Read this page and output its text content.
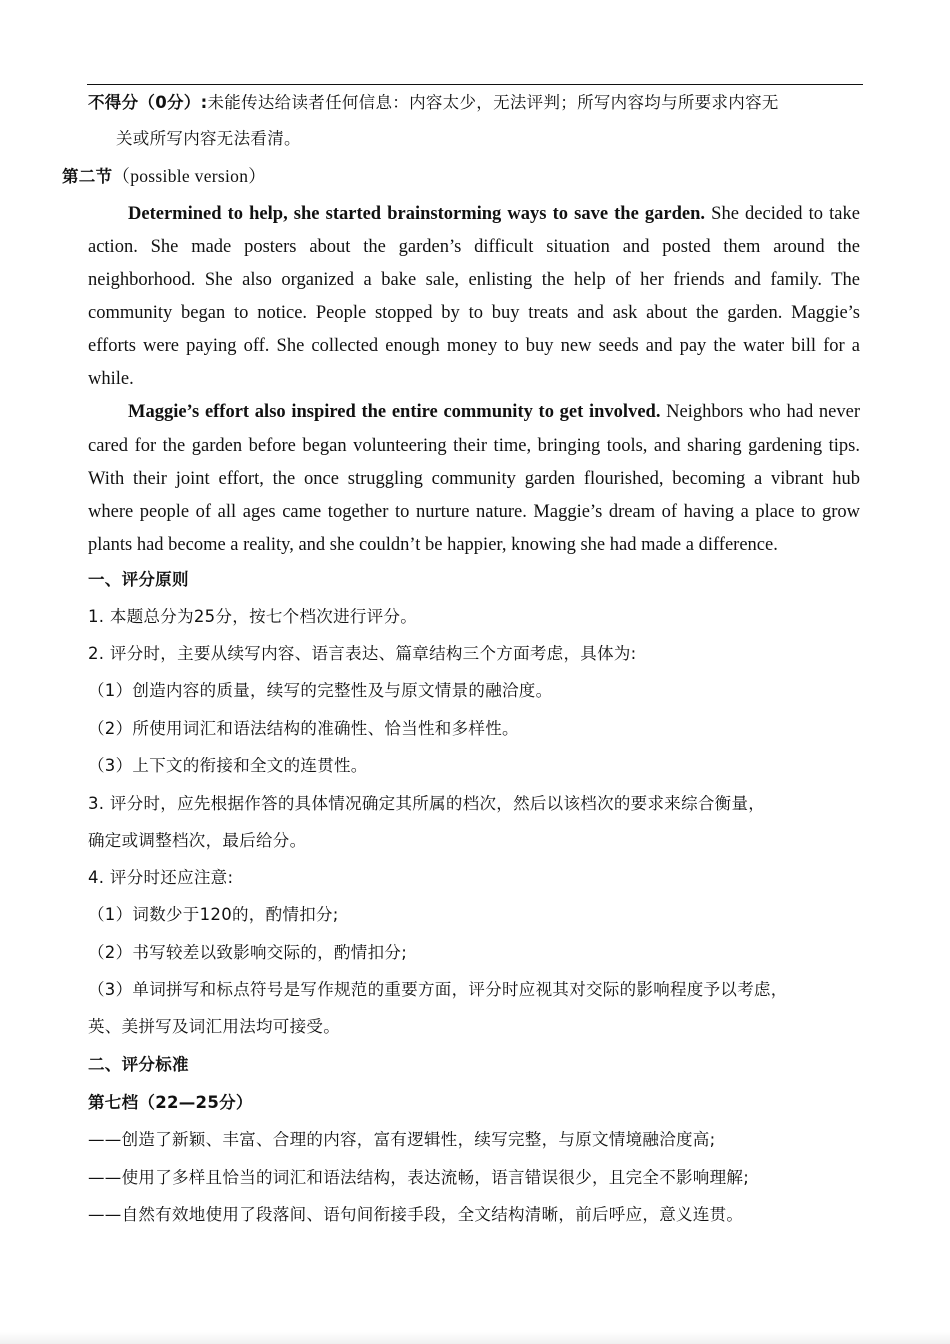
不得分（0分）:未能传达给读者任何信息：内容太少，无法评判；所写内容均与所要求内容无
关或所写内容无法看清。
第二节（possible version）
Determined to help, she started brainstorming ways to save the garden. She decided to take
action. She made posters about the garden’s difficult situation and posted them around the
neighborhood. She also organized a bake sale, enlisting the help of her friends and family. The
community began to notice. People stopped by to buy treats and ask about the garden. Maggie’s
efforts were paying off. She collected enough money to buy new seeds and pay the water bill for a
while.
Maggie’s effort also inspired the entire community to get involved. Neighbors who had never
cared for the garden before began volunteering their time, bringing tools, and sharing gardening tips.
With their joint effort, the once struggling community garden flourished, becoming a vibrant hub
where people of all ages came together to nurture nature. Maggie’s dream of having a place to grow
plants had become a reality, and she couldn’t be happier, knowing she had made a difference.
一、评分原则
1. 本题总分为25分，按七个档次进行评分。
2. 评分时，主要从续写内容、语言表达、篇章结构三个方面考虑，具体为:
（1）创造内容的质量，续写的完整性及与原文情景的融洽度。
（2）所使用词汇和语法结构的准确性、恰当性和多样性。
（3）上下文的衔接和全文的连贯性。
3. 评分时，应先根据作答的具体情况确定其所属的档次，然后以该档次的要求来综合衡量，
确定或调整档次，最后给分。
4. 评分时还应注意:
（1）词数少于120的，酌情扣分;
（2）书写较差以致影响交际的，酌情扣分;
（3）单词拼写和标点符号是写作规范的重要方面，评分时应视其对交际的影响程度予以考虑，
英、美拼写及词汇用法均可接受。
二、评分标准
第七档（22—25分）
——创造了新颖、丰富、合理的内容，富有逻辑性，续写完整，与原文情境融洽度高;
——使用了多样且恰当的词汇和语法结构，表达流畅，语言错误很少，且完全不影响理解;
——自然有效地使用了段落间、语句间衔接手段，全文结构清晰，前后呼应，意义连贯。
